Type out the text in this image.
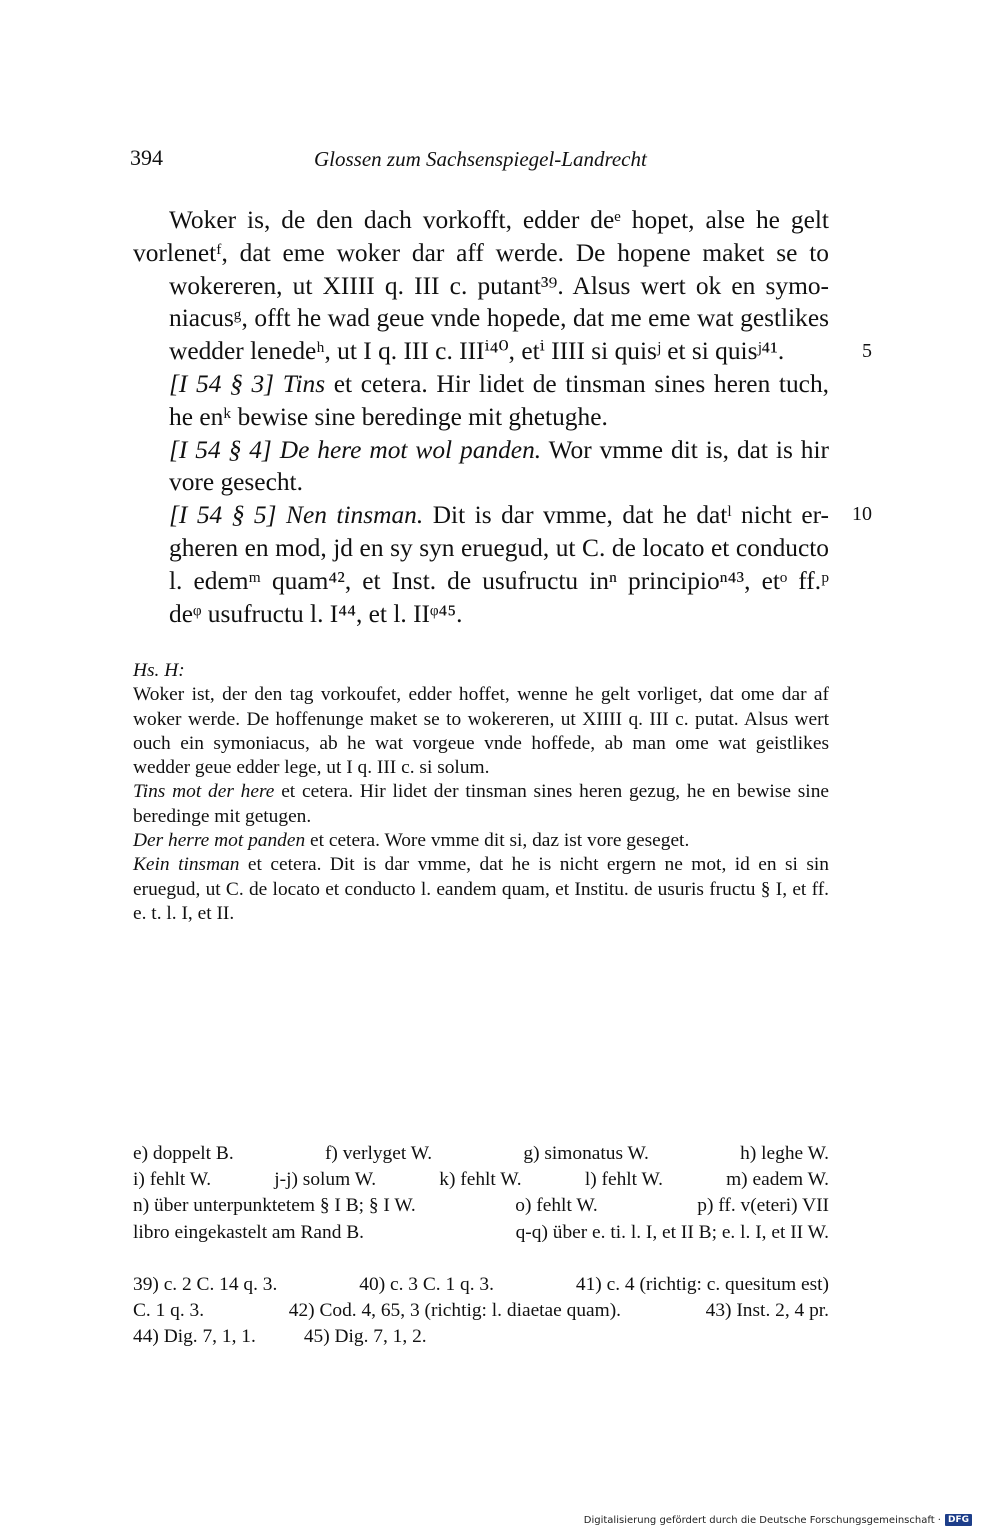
394	Glossen zum Sachsenspiegel-Landrecht

Woker is, de den dach vorkofft, edder deᵉ hopet, alse he gelt
vorlenetᶠ, dat eme woker dar aff werde. De hopene maket se to
wokereren, ut XIIII q. III c. putant³⁹. Alsus wert ok en symo-
niacusᵍ, offt he wad geue vnde hopede, dat me eme wat gestlikes
wedder lenedeʰ, ut I q. III c. IIIⁱ⁴⁰, etⁱ IIII si quisʲ et si quisʲ⁴¹.

[I 54 § 3] Tins et cetera. Hir lidet de tinsman sines heren tuch,
he enᵏ bewise sine beredinge mit ghetughe.

[I 54 § 4] De here mot wol panden. Wor vmme dit is, dat is hir
vore gesecht.

[I 54 § 5] Nen tinsman. Dit is dar vmme, dat he datˡ nicht er-
gheren en mod, jd en sy syn eruegud, ut C. de locato et conducto
l. edemᵐ quam⁴², et Inst. de usufructu inⁿ principioⁿ⁴³, etᵒ ff.ᵖ
deᵠ usufructu l. I⁴⁴, et l. IIᵠ⁴⁵.

5
10

Hs. H:

Woker ist, der den tag vorkoufet, edder hoffet, wenne he gelt vorliget, dat ome dar af woker werde. De hoffenunge maket se to wokereren, ut XIIII q. III c. putat. Alsus wert ouch ein symoniacus, ab he wat vorgeue vnde hoffede, ab man ome wat geistlikes wedder geue edder lege, ut I q. III c. si solum.

Tins mot der here et cetera. Hir lidet der tinsman sines heren gezug, he en bewise sine beredinge mit getugen.

Der herre mot panden et cetera. Wore vmme dit si, daz ist vore geseget.

Kein tinsman et cetera. Dit is dar vmme, dat he is nicht ergern ne mot, id en si sin eruegud, ut C. de locato et conducto l. eandem quam, et Institu. de usuris fructu § I, et ff. e. t. l. I, et II.

e) doppelt B.	f) verlyget W.	g) simonatus W.	h) leghe W.
i) fehlt W.	j-j) solum W.	k) fehlt W.	l) fehlt W.	m) eadem W.
n) über unterpunktetem § I B; § I W.	o) fehlt W.	p) ff. v(eteri) VII
libro eingekastelt am Rand B.	q-q) über e. ti. l. I, et II B; e. l. I, et II W.
39) c. 2 C. 14 q. 3.	40) c. 3 C. 1 q. 3.	41) c. 4 (richtig: c. quesitum est)
C. 1 q. 3.	42) Cod. 4, 65, 3 (richtig: l. diaetae quam).	43) Inst. 2, 4 pr.
44) Dig. 7, 1, 1. 45) Dig. 7, 1, 2.
Digitalisierung gefördert durch die Deutsche Forschungsgemeinschaft · DFG
